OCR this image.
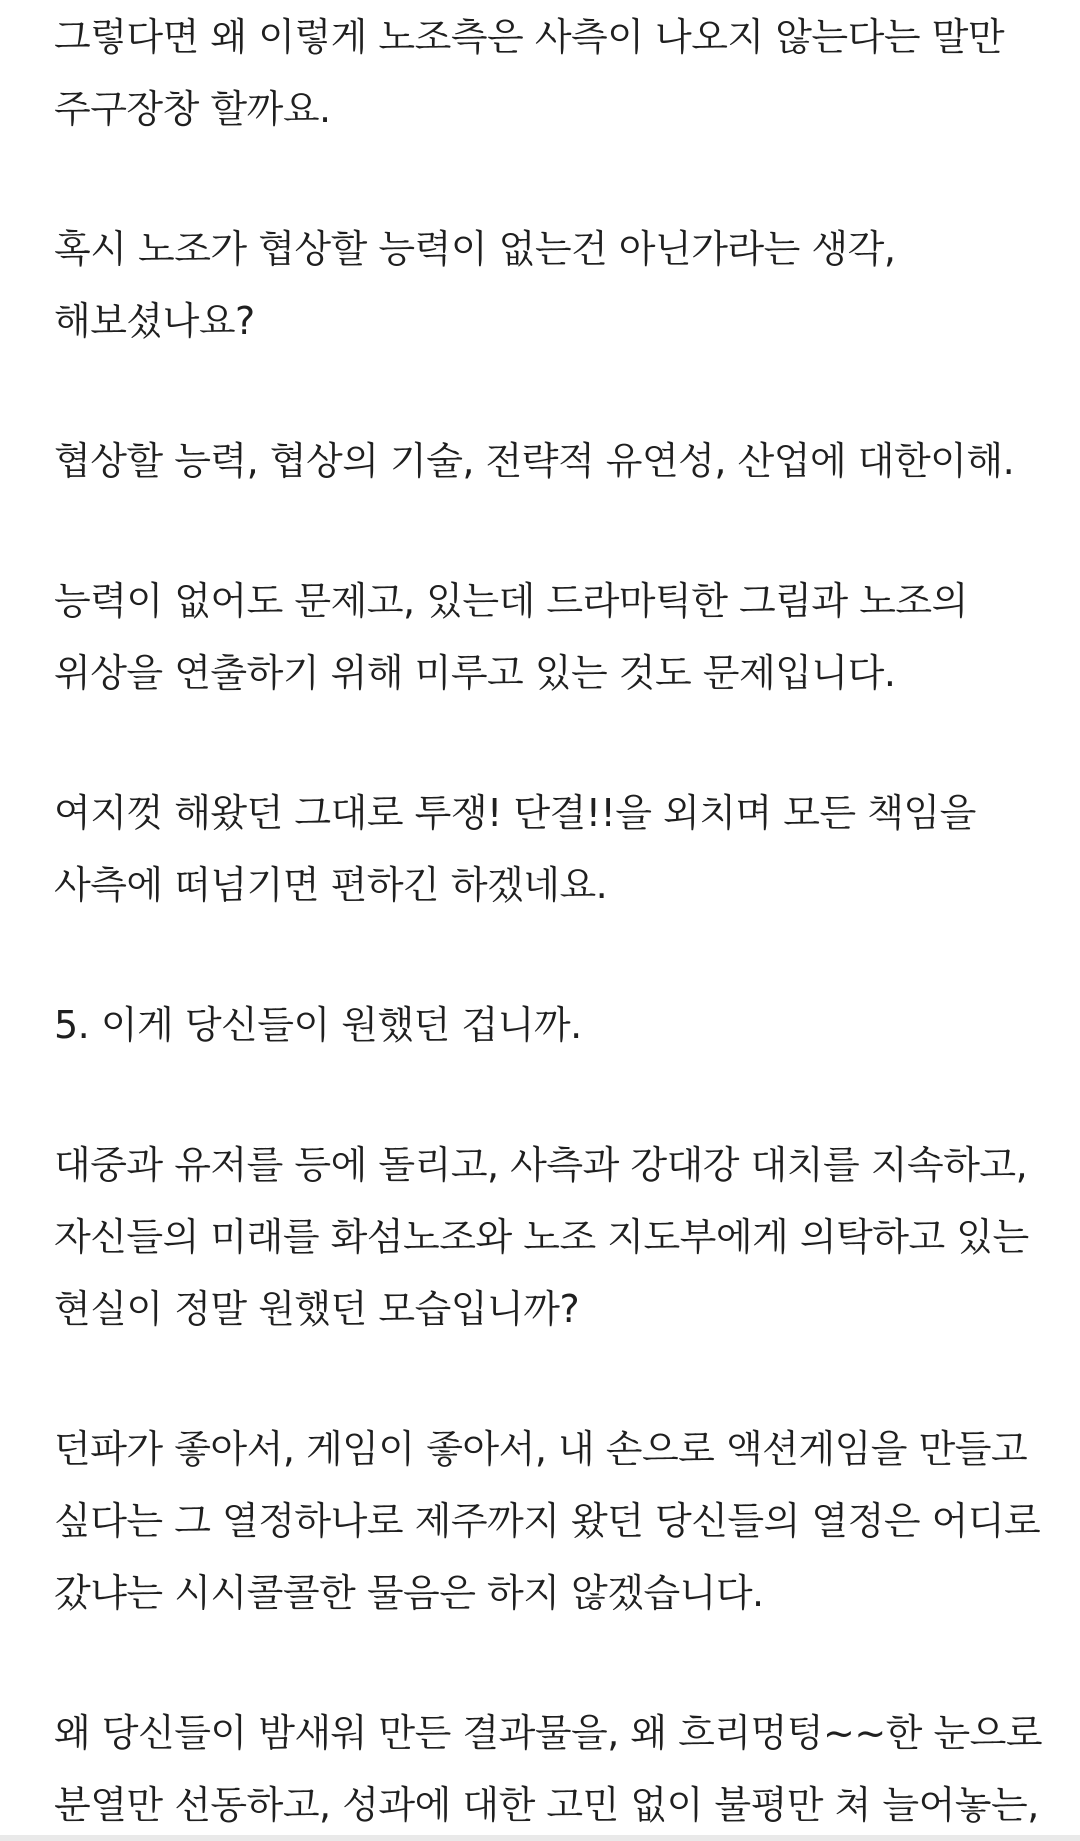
그렇다면 왜 이렇게 노조측은 사측이 나오지 않는다는 말만
주구장창 할까요.
혹시 노조가 협상할 능력이 없는건 아닌가라는 생각,
해보셨나요?
협상할 능력, 협상의 기술, 전략적 유연성, 산업에 대한이해.
능력이 없어도 문제고, 있는데 드라마틱한 그림과 노조의
위상을 연출하기 위해 미루고 있는 것도 문제입니다.
여지껏 해왔던 그대로 투쟁! 단결!!을 외치며 모든 책임을
사측에 떠넘기면 편하긴 하겠네요.
5. 이게 당신들이 원했던 겁니까.
대중과 유저를 등에 돌리고, 사측과 강대강 대치를 지속하고,
자신들의 미래를 화섬노조와 노조 지도부에게 의탁하고 있는
현실이 정말 원했던 모습입니까?
던파가 좋아서, 게임이 좋아서, 내 손으로 액션게임을 만들고
싶다는 그 열정하나로 제주까지 왔던 당신들의 열정은 어디로
갔냐는 시시콜콜한 물음은 하지 않겠습니다.
왜 당신들이 밤새워 만든 결과물을, 왜 흐리멍텅~~한 눈으로
분열만 선동하고, 성과에 대한 고민 없이 불평만 쳐 늘어놓는,
